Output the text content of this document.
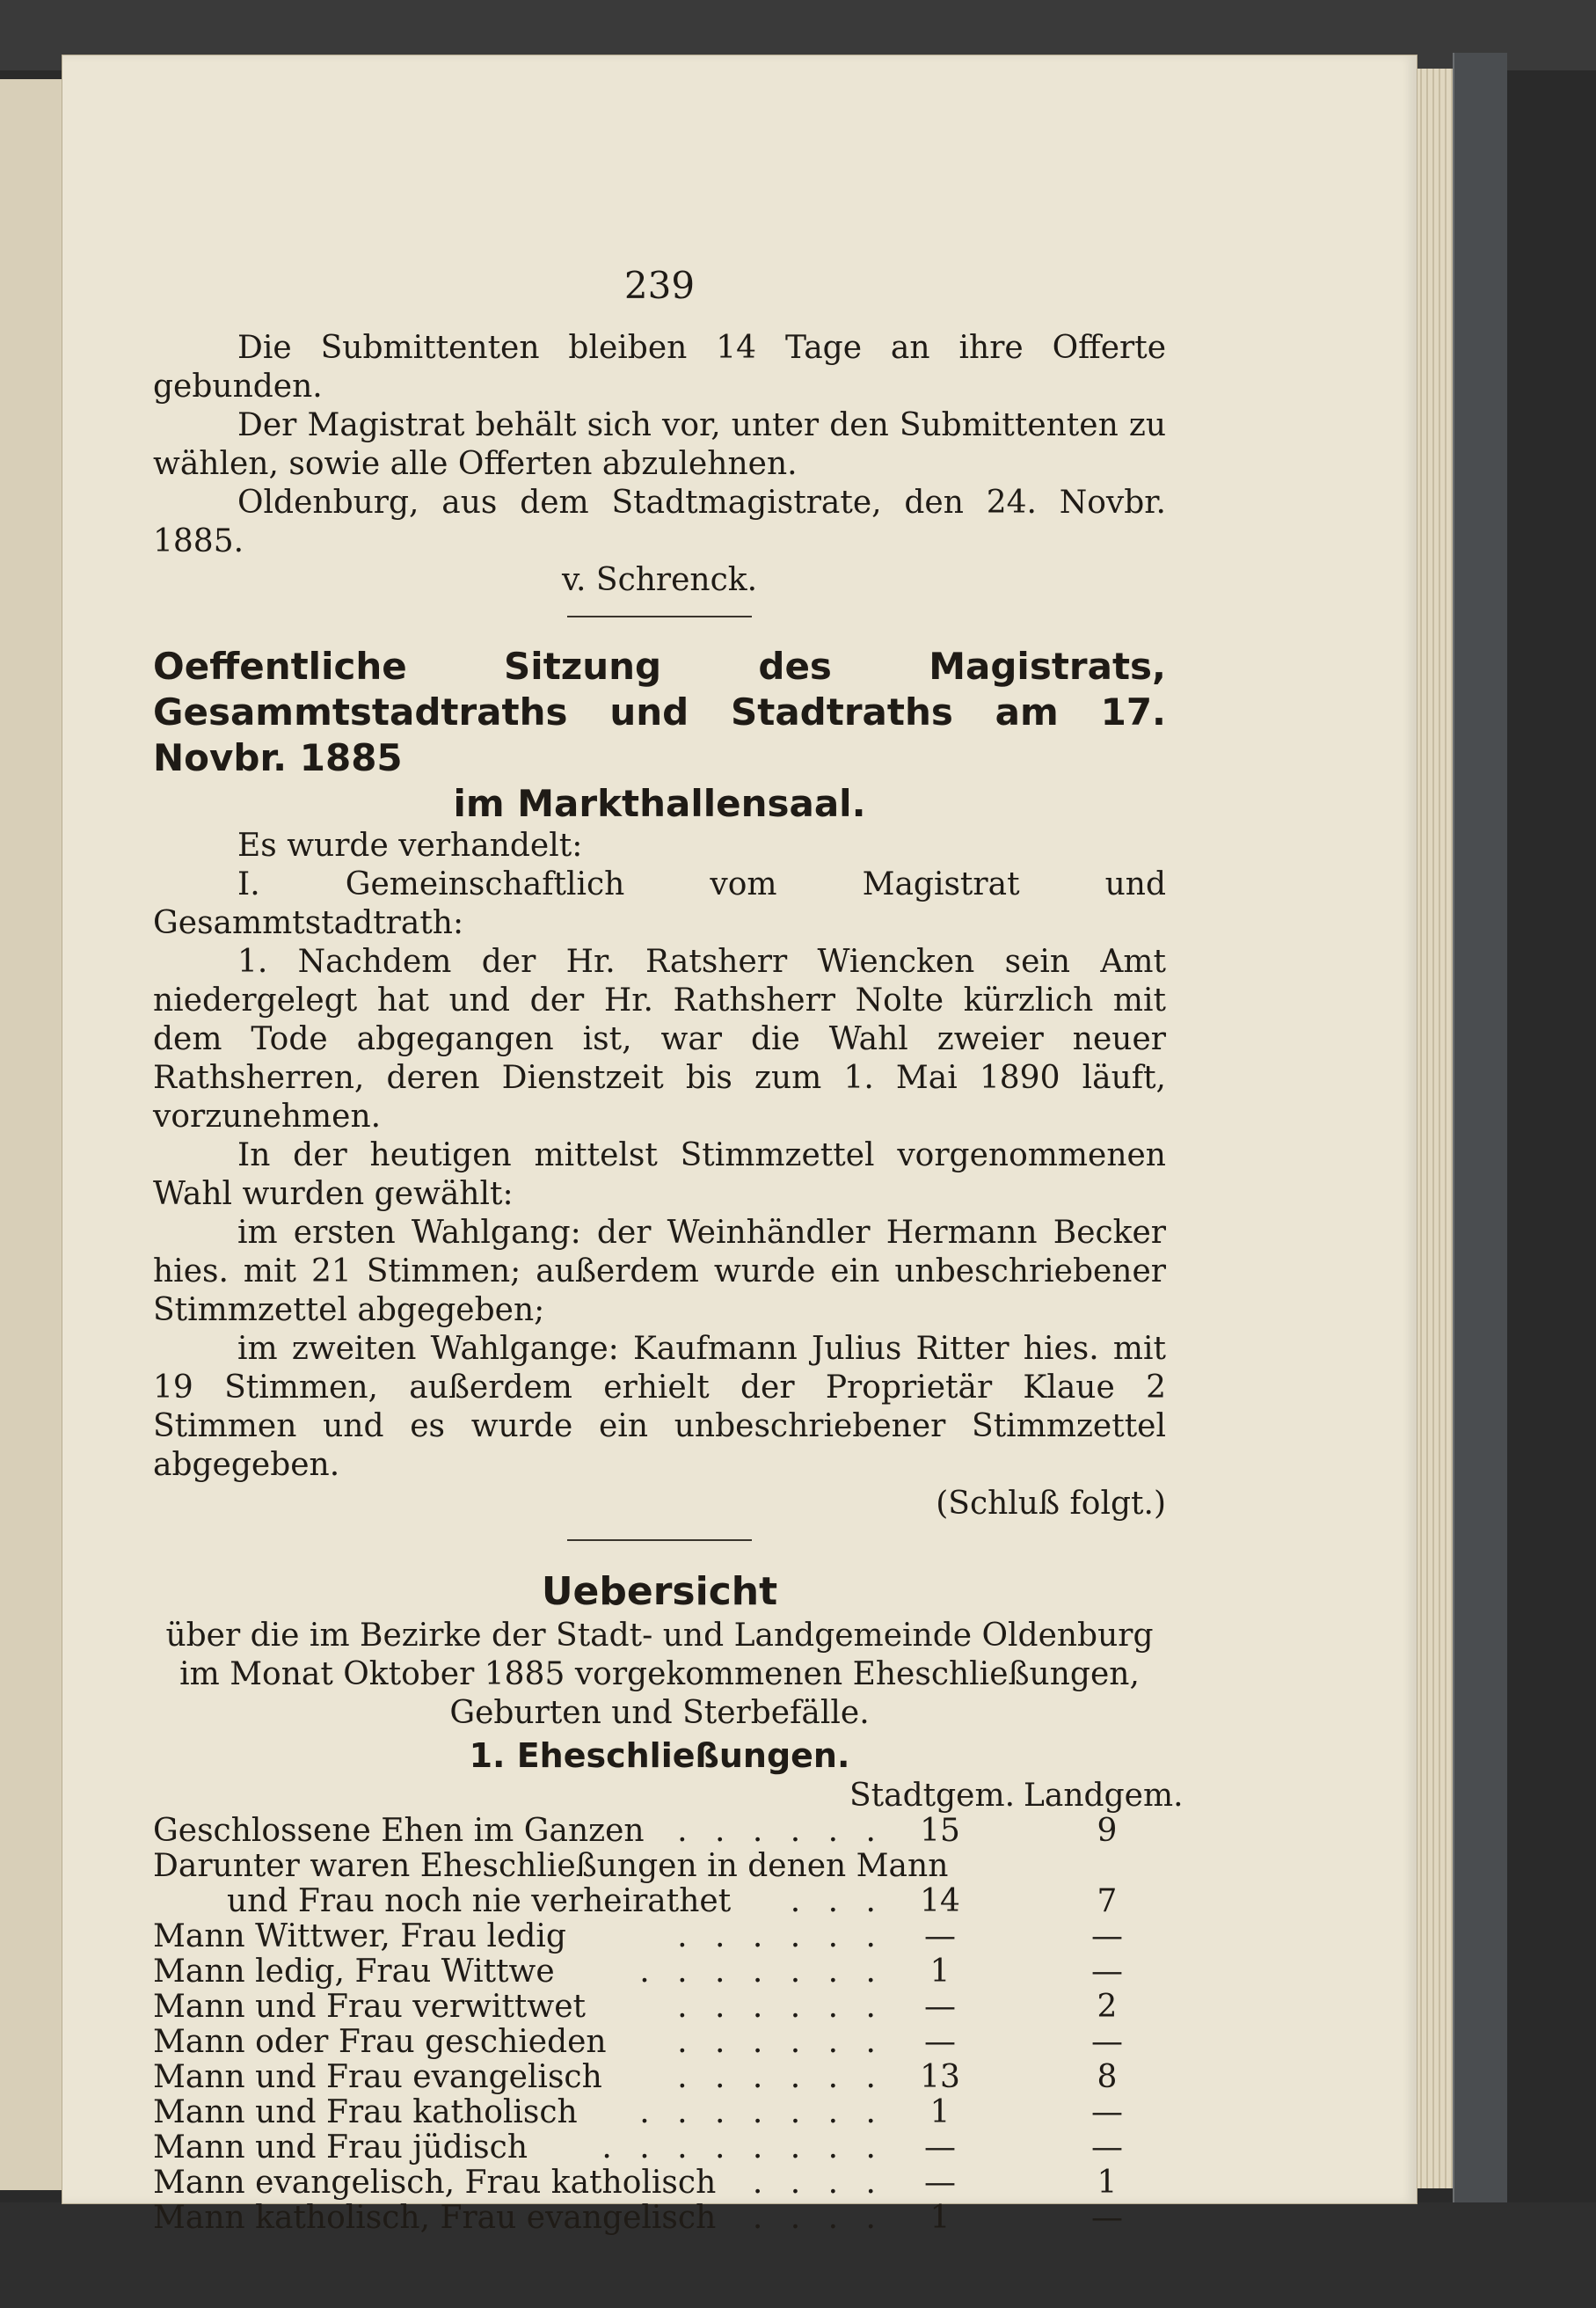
239

Die Submittenten bleiben 14 Tage an ihre Offerte gebunden.

Der Magistrat behält sich vor, unter den Submittenten zu wählen, sowie alle Offerten abzulehnen.

Oldenburg, aus dem Stadtmagistrate, den 24. Novbr. 1885.

v. Schrenck.

Oeffentliche Sitzung des Magistrats, Gesammtstadtraths und Stadtraths am 17. Novbr. 1885
im Markthallensaal.

Es wurde verhandelt:

I. Gemeinschaftlich vom Magistrat und Gesammtstadtrath:

1. Nachdem der Hr. Ratsherr Wiencken sein Amt niedergelegt hat und der Hr. Rathsherr Nolte kürzlich mit dem Tode abgegangen ist, war die Wahl zweier neuer Rathsherren, deren Dienstzeit bis zum 1. Mai 1890 läuft, vorzunehmen.

In der heutigen mittelst Stimmzettel vorgenommenen Wahl wurden gewählt:

im ersten Wahlgang: der Weinhändler Hermann Becker hies. mit 21 Stimmen; außerdem wurde ein unbeschriebener Stimmzettel abgegeben;

im zweiten Wahlgange: Kaufmann Julius Ritter hies. mit 19 Stimmen, außerdem erhielt der Proprietär Klaue 2 Stimmen und es wurde ein unbeschriebener Stimmzettel abgegeben.

(Schluß folgt.)

Uebersicht

über die im Bezirke der Stadt- und Landgemeinde Oldenburg im Monat Oktober 1885 vorgekommenen Eheschließungen, Geburten und Sterbefälle.

1. Eheschließungen.
Stadtgem. Landgem.
Geschlossene Ehen im Ganzen . . . . . .	15	9
Darunter waren Eheschließungen in denen Mann
und Frau noch nie verheirathet . . .	14	7
Mann Wittwer, Frau ledig	. . . . . .	—	—
Mann ledig, Frau Wittwe	. . . . . . .	1	—
Mann und Frau verwittwet	. . . . . .	—	2
Mann oder Frau geschieden . . . . . .	—	—
Mann und Frau evangelisch . . . . . .	13	8
Mann und Frau katholisch . . . . . . .	1	—
Mann und Frau jüdisch . . . . . . . .	—	—
Mann evangelisch, Frau katholisch . . . .	—	1
Mann katholisch, Frau evangelisch . . . .	1	—
